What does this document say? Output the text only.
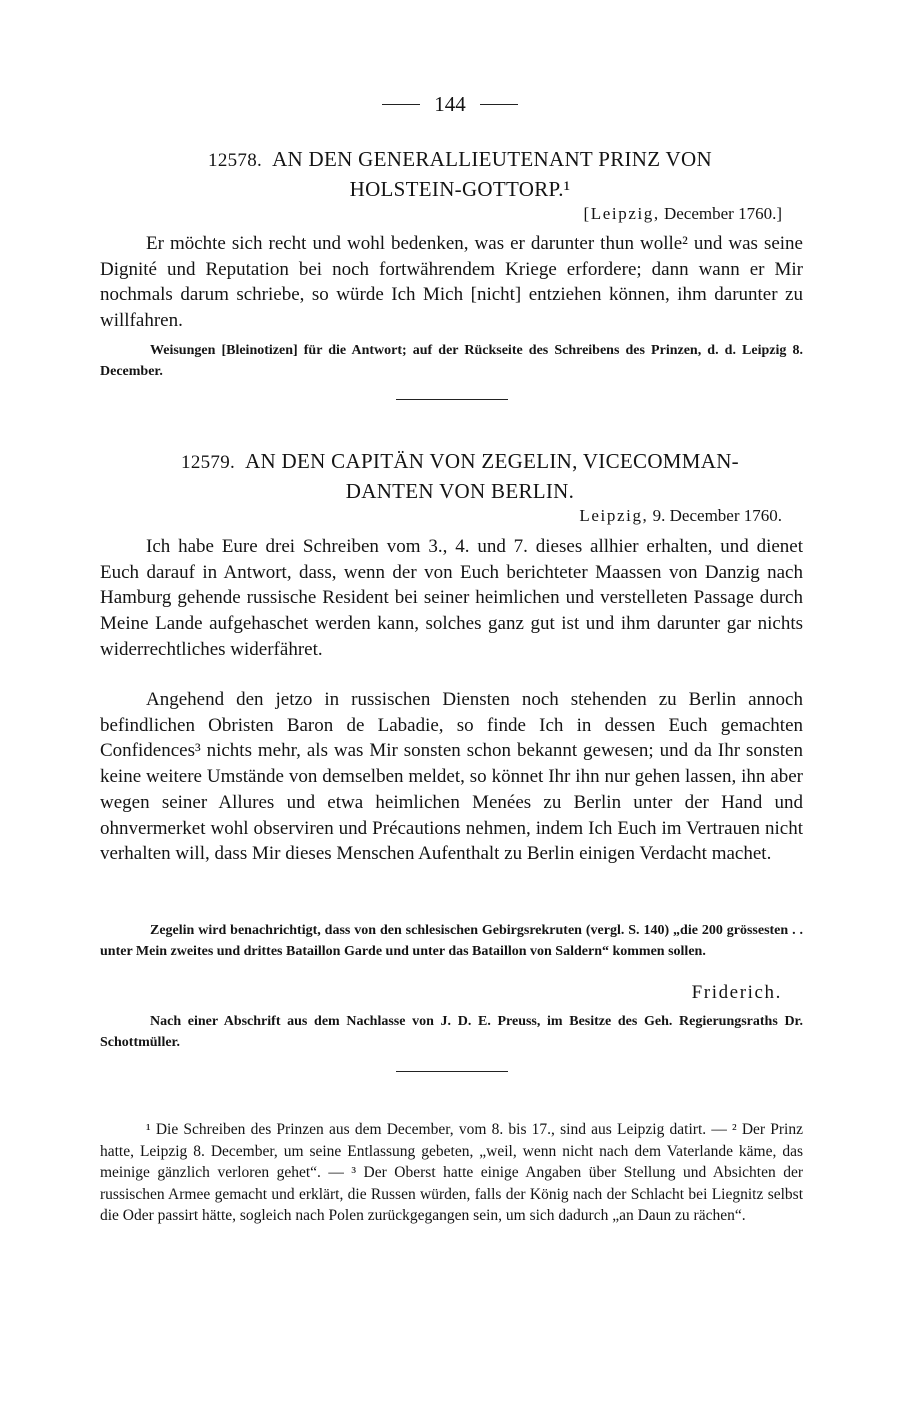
144
12578. AN DEN GENERALLIEUTENANT PRINZ VON
HOLSTEIN-GOTTORP.¹
[Leipzig, December 1760.]

Er möchte sich recht und wohl bedenken, was er darunter thun wolle² und was seine Dignité und Reputation bei noch fortwährendem Kriege erfordere; dann wann er Mir nochmals darum schriebe, so würde Ich Mich [nicht] entziehen können, ihm darunter zu willfahren.

Weisungen [Bleinotizen] für die Antwort; auf der Rückseite des Schreibens des Prinzen, d. d. Leipzig 8. December.

12579. AN DEN CAPITÄN VON ZEGELIN, VICECOMMAN-
DANTEN VON BERLIN.
Leipzig, 9. December 1760.

Ich habe Eure drei Schreiben vom 3., 4. und 7. dieses allhier erhalten, und dienet Euch darauf in Antwort, dass, wenn der von Euch berichteter Maassen von Danzig nach Hamburg gehende russische Resident bei seiner heimlichen und verstelleten Passage durch Meine Lande aufgehaschet werden kann, solches ganz gut ist und ihm darunter gar nichts widerrechtliches widerfähret.

Angehend den jetzo in russischen Diensten noch stehenden zu Berlin annoch befindlichen Obristen Baron de Labadie, so finde Ich in dessen Euch gemachten Confidences³ nichts mehr, als was Mir sonsten schon bekannt gewesen; und da Ihr sonsten keine weitere Umstände von demselben meldet, so könnet Ihr ihn nur gehen lassen, ihn aber wegen seiner Allures und etwa heimlichen Menées zu Berlin unter der Hand und ohnvermerket wohl observiren und Précautions nehmen, indem Ich Euch im Vertrauen nicht verhalten will, dass Mir dieses Menschen Aufenthalt zu Berlin einigen Verdacht machet.

Zegelin wird benachrichtigt, dass von den schlesischen Gebirgsrekruten (vergl. S. 140) „die 200 grössesten . . unter Mein zweites und drittes Bataillon Garde und unter das Bataillon von Saldern“ kommen sollen.

Friderich.

Nach einer Abschrift aus dem Nachlasse von J. D. E. Preuss, im Besitze des Geh. Regierungsraths Dr. Schottmüller.

¹ Die Schreiben des Prinzen aus dem December, vom 8. bis 17., sind aus Leipzig datirt. — ² Der Prinz hatte, Leipzig 8. December, um seine Entlassung gebeten, „weil, wenn nicht nach dem Vaterlande käme, das meinige gänzlich verloren gehet“. — ³ Der Oberst hatte einige Angaben über Stellung und Absichten der russischen Armee gemacht und erklärt, die Russen würden, falls der König nach der Schlacht bei Liegnitz selbst die Oder passirt hätte, sogleich nach Polen zurückgegangen sein, um sich dadurch „an Daun zu rächen“.
